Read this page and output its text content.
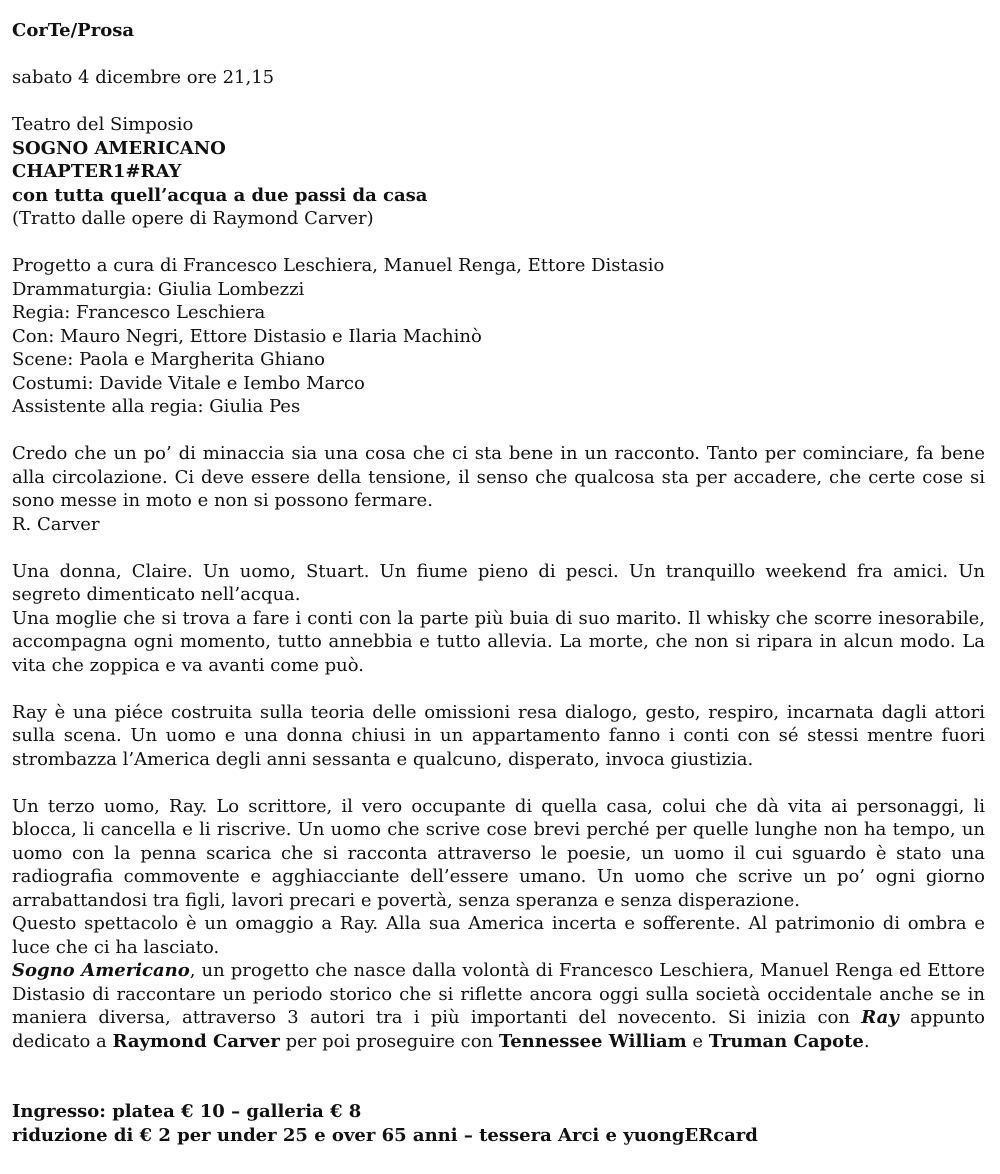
CorTe/Prosa

sabato 4 dicembre ore 21,15

Teatro del Simposio

SOGNO AMERICANO

CHAPTER1#RAY

con tutta quell’acqua a due passi da casa

(Tratto dalle opere di Raymond Carver)

Progetto a cura di Francesco Leschiera, Manuel Renga, Ettore Distasio

Drammaturgia: Giulia Lombezzi

Regia: Francesco Leschiera

Con: Mauro Negri, Ettore Distasio e Ilaria Machinò

Scene: Paola e Margherita Ghiano

Costumi: Davide Vitale e Iembo Marco

Assistente alla regia: Giulia Pes

Credo che un po’ di minaccia sia una cosa che ci sta bene in un racconto. Tanto per cominciare, fa bene alla circolazione. Ci deve essere della tensione, il senso che qualcosa sta per accadere, che certe cose si sono messe in moto e non si possono fermare.

R. Carver

Una donna, Claire. Un uomo, Stuart. Un fiume pieno di pesci. Un tranquillo weekend fra amici. Un segreto dimenticato nell’acqua.

Una moglie che si trova a fare i conti con la parte più buia di suo marito. Il whisky che scorre inesorabile, accompagna ogni momento, tutto annebbia e tutto allevia. La morte, che non si ripara in alcun modo. La vita che zoppica e va avanti come può.

Ray è una piéce costruita sulla teoria delle omissioni resa dialogo, gesto, respiro, incarnata dagli attori sulla scena. Un uomo e una donna chiusi in un appartamento fanno i conti con sé stessi mentre fuori strombazza l’America degli anni sessanta e qualcuno, disperato, invoca giustizia.

Un terzo uomo, Ray. Lo scrittore, il vero occupante di quella casa, colui che dà vita ai personaggi, li blocca, li cancella e li riscrive. Un uomo che scrive cose brevi perché per quelle lunghe non ha tempo, un uomo con la penna scarica che si racconta attraverso le poesie, un uomo il cui sguardo è stato una radiografia commovente e agghiacciante dell’essere umano. Un uomo che scrive un po’ ogni giorno arrabattandosi tra figli, lavori precari e povertà, senza speranza e senza disperazione.

Questo spettacolo è un omaggio a Ray. Alla sua America incerta e sofferente. Al patrimonio di ombra e luce che ci ha lasciato.

Sogno Americano, un progetto che nasce dalla volontà di Francesco Leschiera, Manuel Renga ed Ettore Distasio di raccontare un periodo storico che si riflette ancora oggi sulla società occidentale anche se in maniera diversa, attraverso 3 autori tra i più importanti del novecento. Si inizia con Ray appunto dedicato a Raymond Carver per poi proseguire con Tennessee William e Truman Capote.

Ingresso: platea € 10 – galleria € 8

riduzione di € 2 per under 25 e over 65 anni – tessera Arci e yuongERcard
